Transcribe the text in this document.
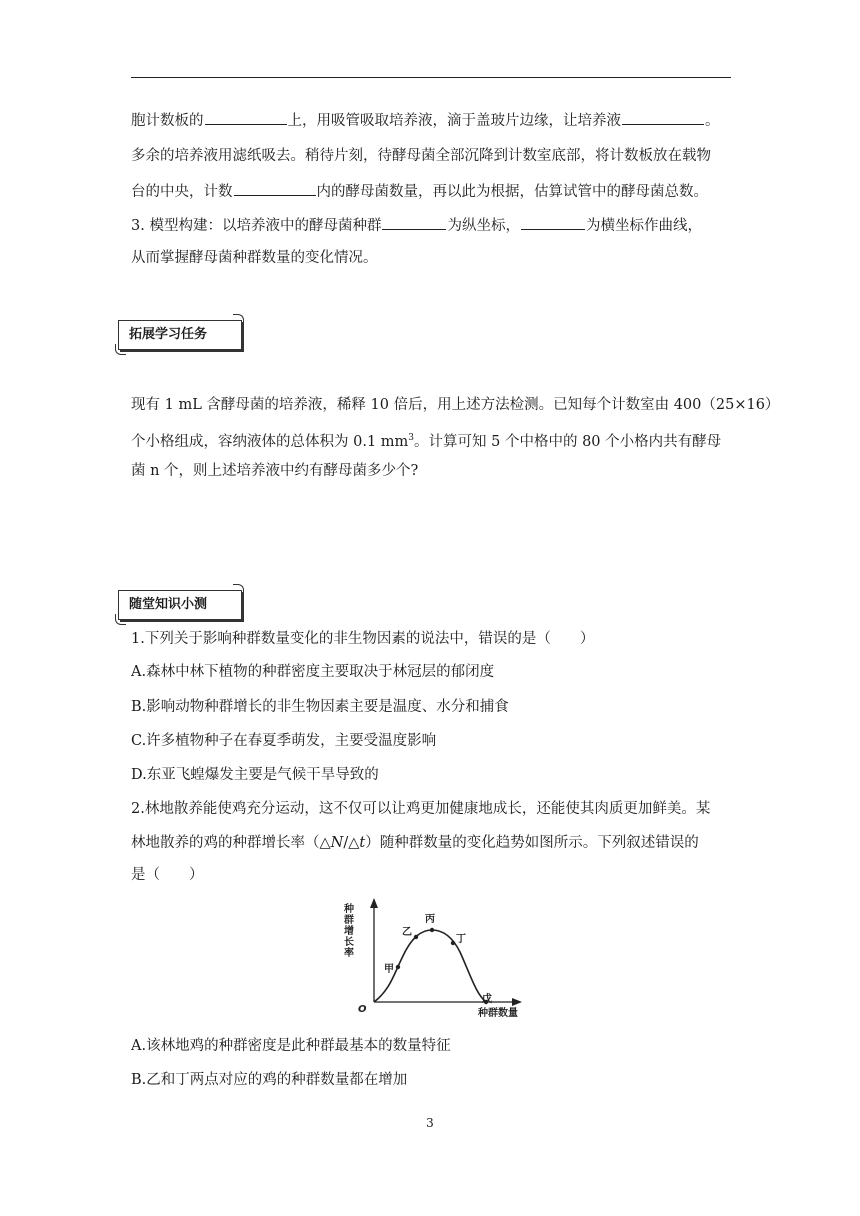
胞计数板的	上，用吸管吸取培养液，滴于盖玻片边缘，让培养液	。
多余的培养液用滤纸吸去。稍待片刻，待酵母菌全部沉降到计数室底部，将计数板放在载物
台的中央，计数	内的酵母菌数量，再以此为根据，估算试管中的酵母菌总数。
3. 模型构建：以培养液中的酵母菌种群	为纵坐标，	为横坐标作曲线，
从而掌握酵母菌种群数量的变化情况。
拓展学习任务
现有 1 mL 含酵母菌的培养液，稀释 10 倍后，用上述方法检测。已知每个计数室由 400（25×16）
个小格组成，容纳液体的总体积为 0.1 $mm^3$。计算可知 5 个中格中的 80 个小格内共有酵母
菌 n 个，则上述培养液中约有酵母菌多少个?
随堂知识小测
1.下列关于影响种群数量变化的非生物因素的说法中，错误的是（　　）
A.森林中林下植物的种群密度主要取决于林冠层的郁闭度
B.影响动物种群增长的非生物因素主要是温度、水分和捕食
C.许多植物种子在春夏季萌发，主要受温度影响
D.东亚飞蝗爆发主要是气候干旱导致的
2.林地散养能使鸡充分运动，这不仅可以让鸡更加健康地成长，还能使其肉质更加鲜美。某
林地散养的鸡的种群增长率（△N/△t）随种群数量的变化趋势如图所示。下列叙述错误的
是（　　）
甲
乙
丙
丁
戊
O	种群数量
种群增长率
A.该林地鸡的种群密度是此种群最基本的数量特征
B.乙和丁两点对应的鸡的种群数量都在增加
3
